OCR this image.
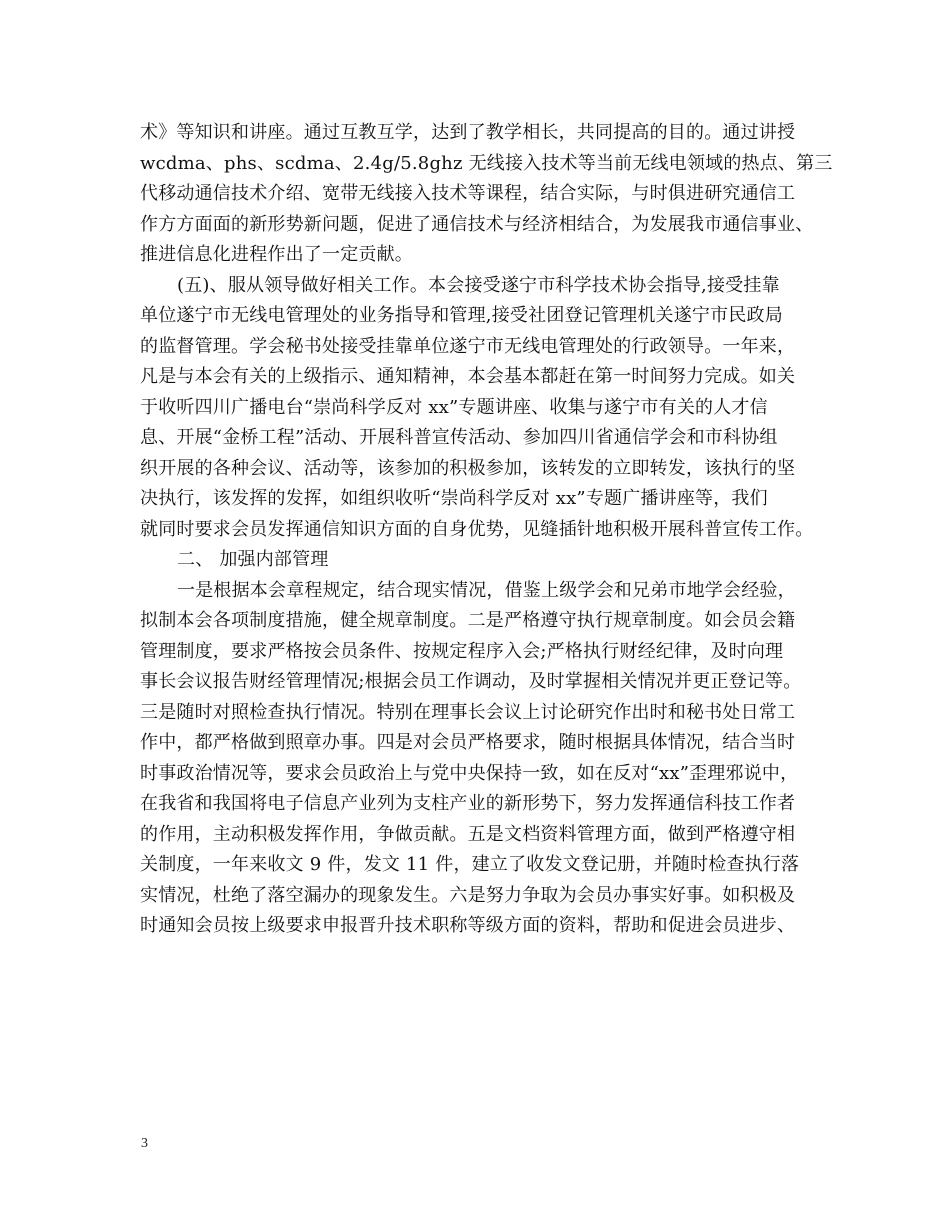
术》等知识和讲座。通过互教互学，达到了教学相长，共同提高的目的。通过讲授
wcdma、phs、scdma、2.4g/5.8ghz 无线接入技术等当前无线电领域的热点、第三
代移动通信技术介绍、宽带无线接入技术等课程，结合实际，与时俱进研究通信工
作方方面面的新形势新问题，促进了通信技术与经济相结合，为发展我市通信事业、
推进信息化进程作出了一定贡献。
(五)、服从领导做好相关工作。本会接受遂宁市科学技术协会指导,接受挂靠
单位遂宁市无线电管理处的业务指导和管理,接受社团登记管理机关遂宁市民政局
的监督管理。学会秘书处接受挂靠单位遂宁市无线电管理处的行政领导。一年来，
凡是与本会有关的上级指示、通知精神，本会基本都赶在第一时间努力完成。如关
于收听四川广播电台“崇尚科学反对 xx”专题讲座、收集与遂宁市有关的人才信
息、开展“金桥工程”活动、开展科普宣传活动、参加四川省通信学会和市科协组
织开展的各种会议、活动等，该参加的积极参加，该转发的立即转发，该执行的坚
决执行，该发挥的发挥，如组织收听“崇尚科学反对 xx”专题广播讲座等，我们
就同时要求会员发挥通信知识方面的自身优势，见缝插针地积极开展科普宣传工作。
二、 加强内部管理
一是根据本会章程规定，结合现实情况，借鉴上级学会和兄弟市地学会经验，
拟制本会各项制度措施，健全规章制度。二是严格遵守执行规章制度。如会员会籍
管理制度，要求严格按会员条件、按规定程序入会;严格执行财经纪律，及时向理
事长会议报告财经管理情况;根据会员工作调动，及时掌握相关情况并更正登记等。
三是随时对照检查执行情况。特别在理事长会议上讨论研究作出时和秘书处日常工
作中，都严格做到照章办事。四是对会员严格要求，随时根据具体情况，结合当时
时事政治情况等，要求会员政治上与党中央保持一致，如在反对“xx”歪理邪说中，
在我省和我国将电子信息产业列为支柱产业的新形势下，努力发挥通信科技工作者
的作用，主动积极发挥作用，争做贡献。五是文档资料管理方面，做到严格遵守相
关制度，一年来收文 9 件，发文 11 件，建立了收发文登记册，并随时检查执行落
实情况，杜绝了落空漏办的现象发生。六是努力争取为会员办事实好事。如积极及
时通知会员按上级要求申报晋升技术职称等级方面的资料，帮助和促进会员进步、
3
